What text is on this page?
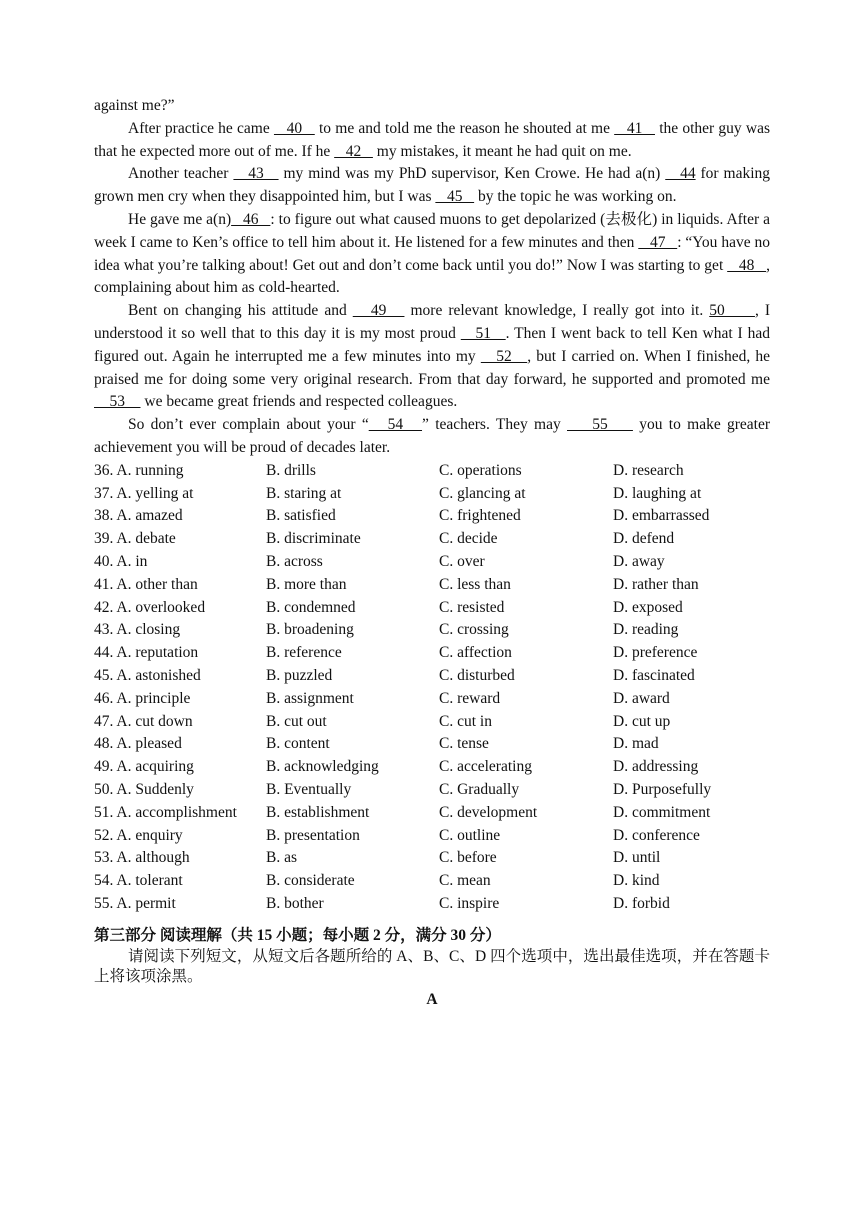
against me?”

After practice he came    40    to me and told me the reason he shouted at me    41    the other guy was that he expected more out of me. If he    42    my mistakes, it meant he had quit on me.

Another teacher    43    my mind was my PhD supervisor, Ken Crowe. He had a(n)    44 for making grown men cry when they disappointed him, but I was    45    by the topic he was working on.

He gave me a(n)   46   : to figure out what caused muons to get depolarized (去极化) in liquids. After a week I came to Ken’s office to tell him about it. He listened for a few minutes and then    47   : “You have no idea what you’re talking about! Get out and don’t come back until you do!” Now I was starting to get    48   , complaining about him as cold-hearted.

Bent on changing his attitude and    49    more relevant knowledge, I really got into it. 50     , I understood it so well that to this day it is my most proud    51   . Then I went back to tell Ken what I had figured out. Again he interrupted me a few minutes into my    52   , but I carried on. When I finished, he praised me for doing some very original research. From that day forward, he supported and promoted me     53     we became great friends and respected colleagues.

So don’t ever complain about your “   54   ” teachers. They may     55     you to make greater achievement you will be proud of decades later.

36. A. running	B. drills	C. operations	D. research
37. A. yelling at	B. staring at	C. glancing at	D. laughing at
38. A. amazed	B. satisfied	C. frightened	D. embarrassed
39. A. debate	B. discriminate	C. decide	D. defend
40. A. in	B. across	C. over	D. away
41. A. other than	B. more than	C. less than	D. rather than
42. A. overlooked	B. condemned	C. resisted	D. exposed
43. A. closing	B. broadening	C. crossing	D. reading
44. A. reputation	B. reference	C. affection	D. preference
45. A. astonished	B. puzzled	C. disturbed	D. fascinated
46. A. principle	B. assignment	C. reward	D. award
47. A. cut down	B. cut out	C. cut in	D. cut up
48. A. pleased	B. content	C. tense	D. mad
49. A. acquiring	B. acknowledging	C. accelerating	D. addressing
50. A. Suddenly	B. Eventually	C. Gradually	D. Purposefully
51. A. accomplishment	B. establishment	C. development	D. commitment
52. A. enquiry	B. presentation	C. outline	D. conference
53. A. although	B. as	C. before	D. until
54. A. tolerant	B. considerate	C. mean	D. kind
55. A. permit	B. bother	C. inspire	D. forbid
第三部分 阅读理解（共 15 小题；每小题 2 分，满分 30 分）

请阅读下列短文，从短文后各题所给的 A、B、C、D 四个选项中，选出最佳选项，并在答题卡上将该项涂黑。

A
